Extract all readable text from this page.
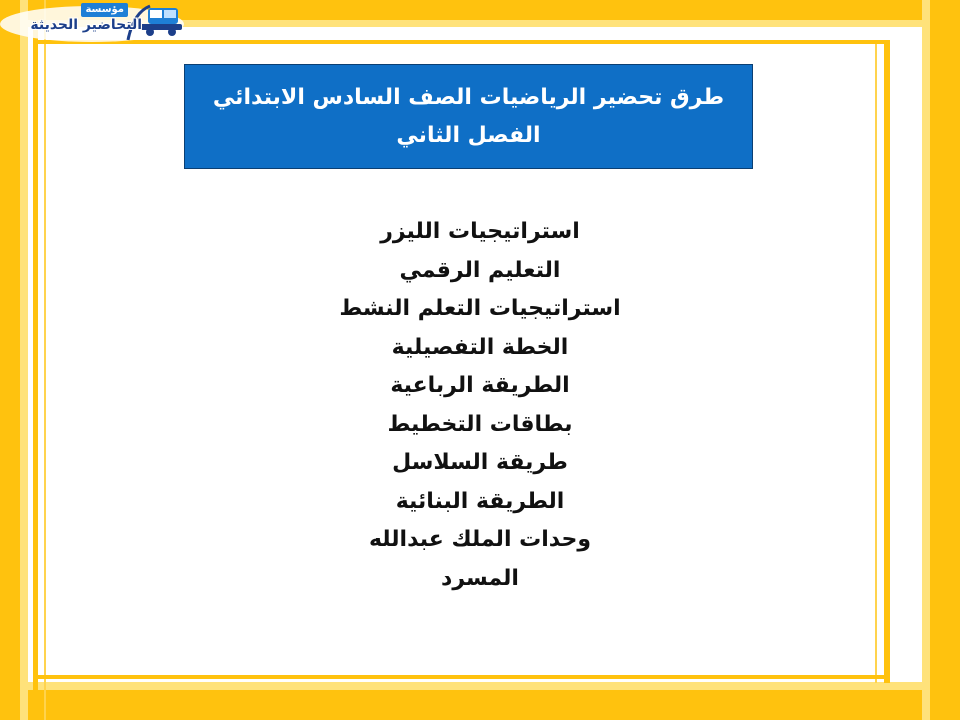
مؤسسة
التحاضير الحديثة
طرق تحضير الرياضيات الصف السادس الابتدائي
الفصل الثاني
استراتيجيات الليزر
التعليم الرقمي
استراتيجيات التعلم النشط
الخطة التفصيلية
الطريقة الرباعية
بطاقات التخطيط
طريقة السلاسل
الطريقة البنائية
وحدات الملك عبدالله
المسرد
